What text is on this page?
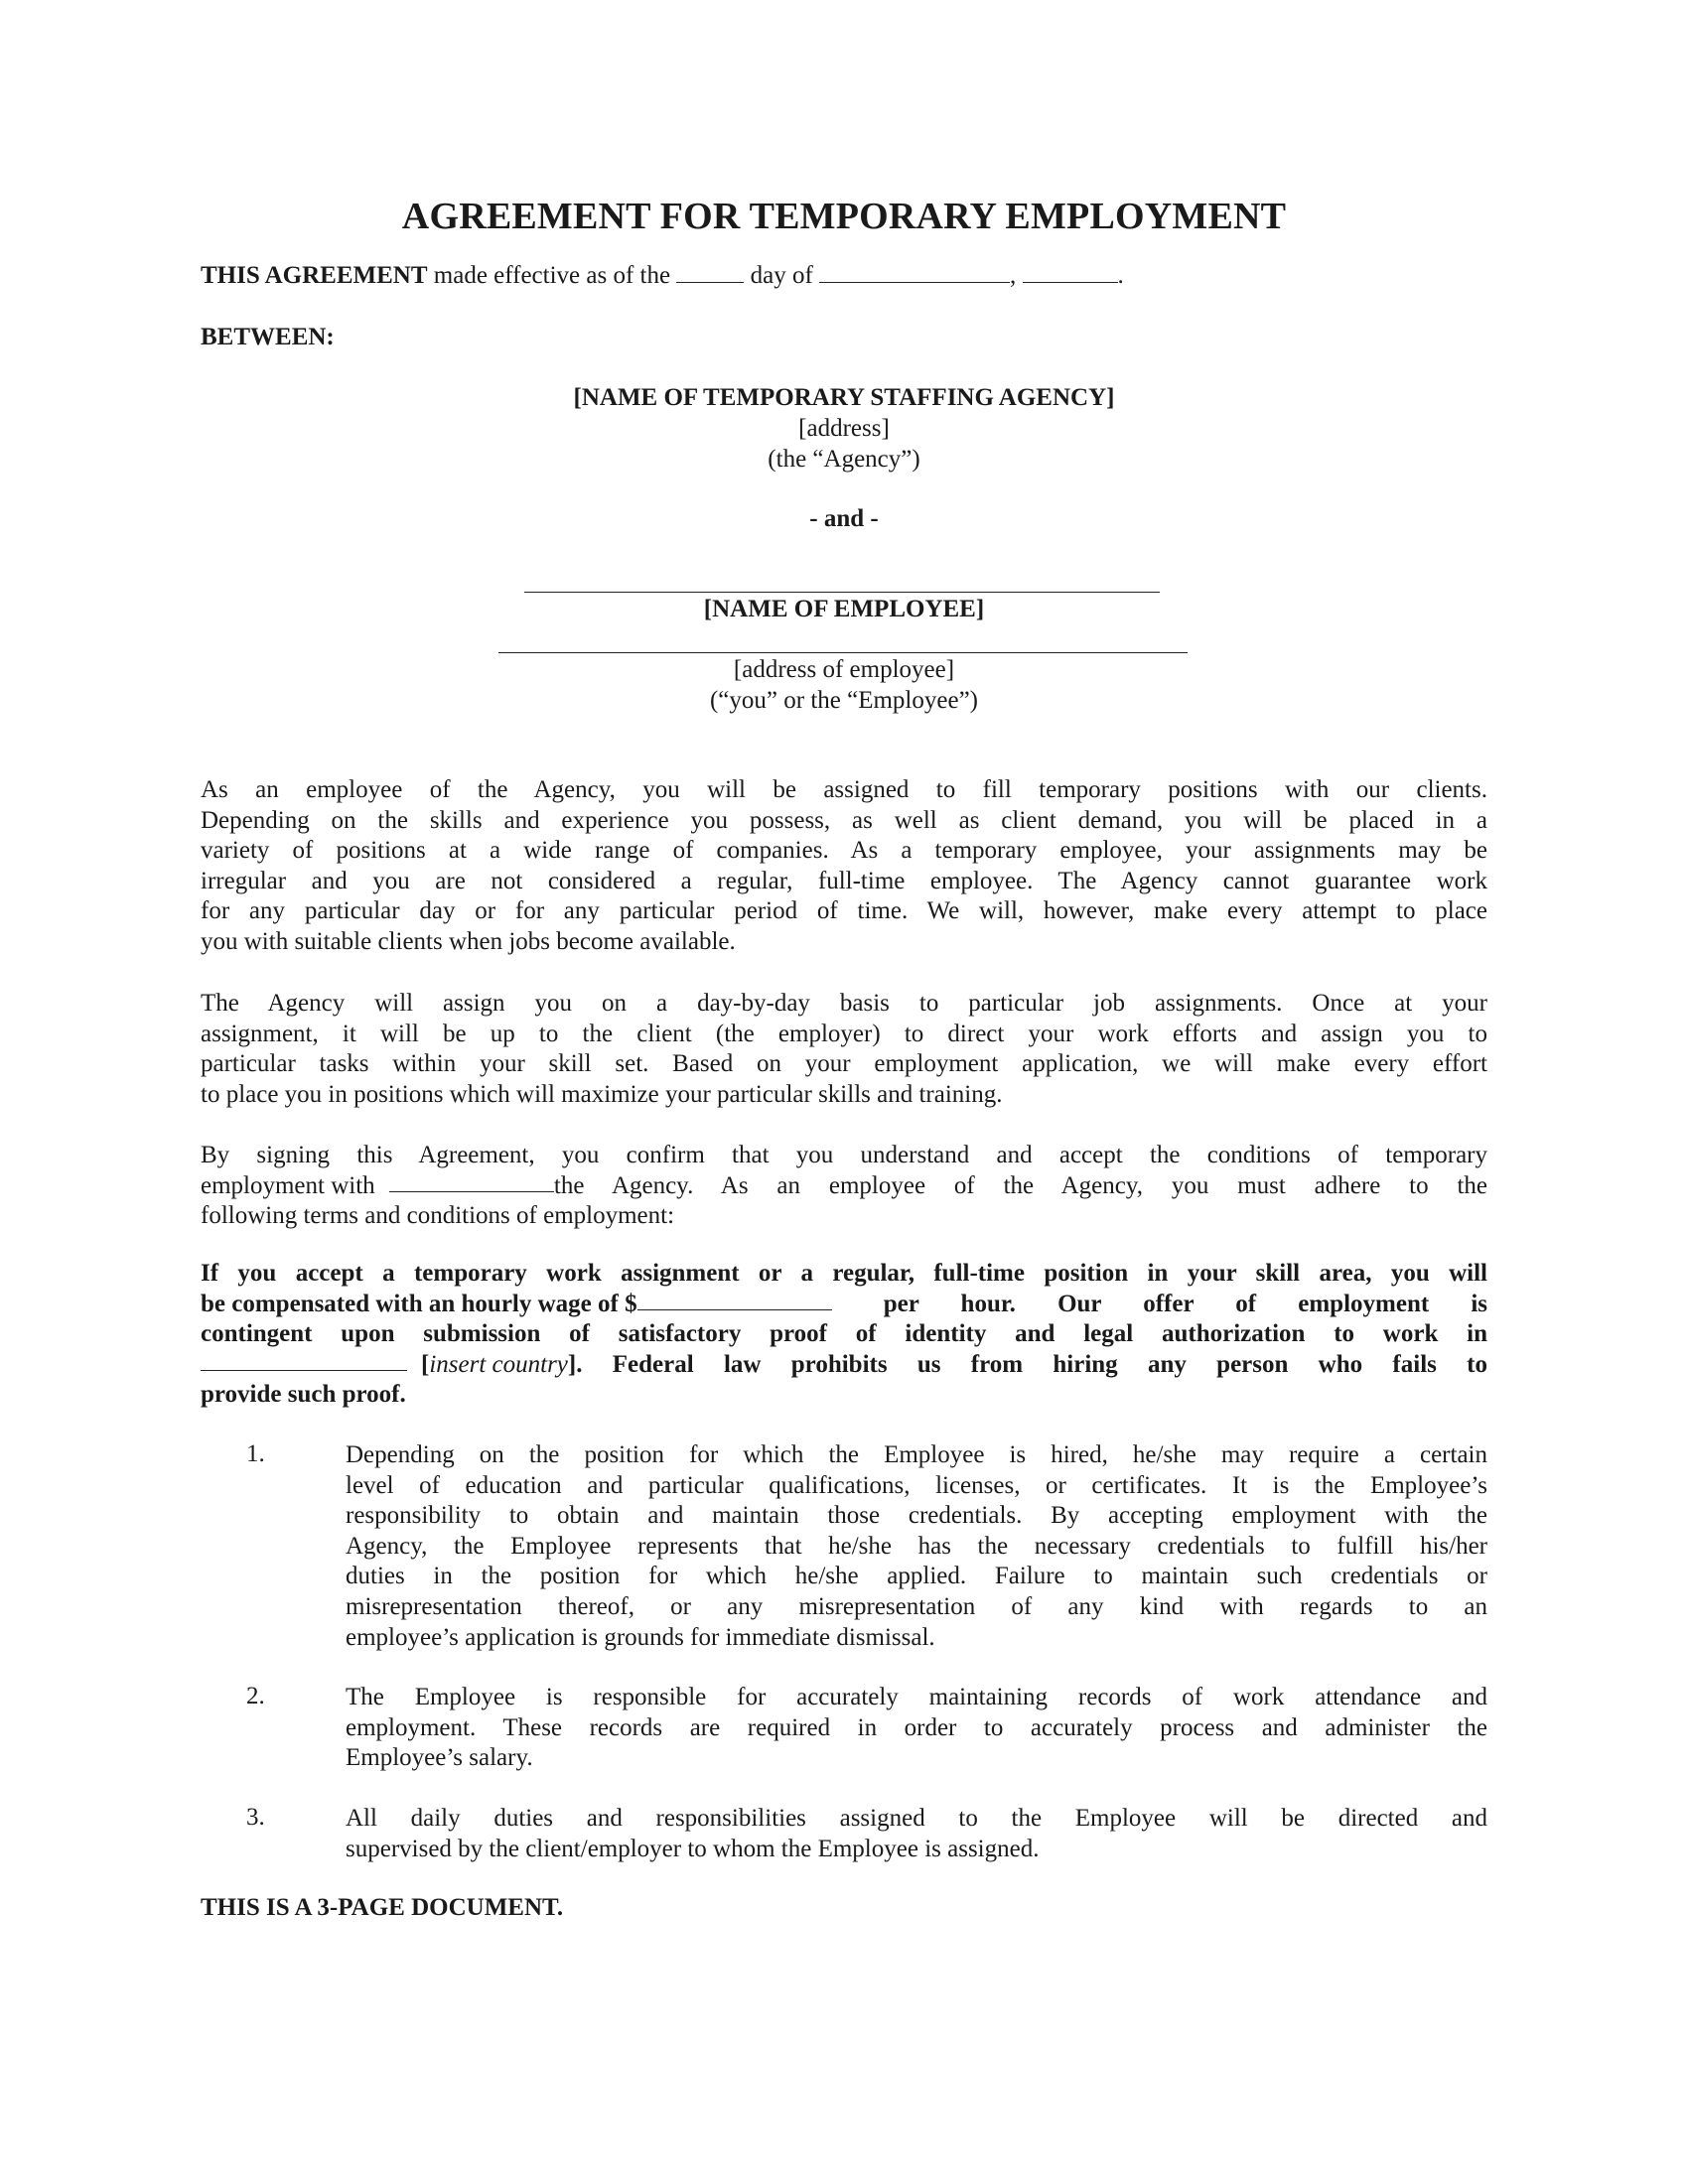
AGREEMENT FOR TEMPORARY EMPLOYMENT
THIS AGREEMENT made effective as of the	day of	,	.
BETWEEN:
[NAME OF TEMPORARY STAFFING AGENCY]
[address]
(the “Agency”)
- and -
[NAME OF EMPLOYEE]
[address of employee]
(“you” or the “Employee”)
As an employee of the Agency, you will be assigned to fill temporary positions with our clients.
Depending on the skills and experience you possess, as well as client demand, you will be placed in a
variety of positions at a wide range of companies. As a temporary employee, your assignments may be
irregular and you are not considered a regular, full-time employee. The Agency cannot guarantee work
for any particular day or for any particular period of time. We will, however, make every attempt to place
you with suitable clients when jobs become available.
The Agency will assign you on a day-by-day basis to particular job assignments. Once at your
assignment, it will be up to the client (the employer) to direct your work efforts and assign you to
particular tasks within your skill set. Based on your employment application, we will make every effort
to place you in positions which will maximize your particular skills and training.
By signing this Agreement, you confirm that you understand and accept the conditions of temporary
employment with	the Agency. As an employee of the Agency, you must adhere to the
following terms and conditions of employment:
If you accept a temporary work assignment or a regular, full-time position in your skill area, you will
be compensated with an hourly wage of $	per hour. Our offer of employment is
contingent upon submission of satisfactory proof of identity and legal authorization to work in
[insert country] . Federal law prohibits us from hiring any person who fails to
provide such proof.
1.	Depending on the position for which the Employee is hired, he/she may require a certain
level of education and particular qualifications, licenses, or certificates. It is the Employee’s
responsibility to obtain and maintain those credentials. By accepting employment with the
Agency, the Employee represents that he/she has the necessary credentials to fulfill his/her
duties in the position for which he/she applied. Failure to maintain such credentials or
misrepresentation thereof, or any misrepresentation of any kind with regards to an
employee’s application is grounds for immediate dismissal.
2.	The Employee is responsible for accurately maintaining records of work attendance and
employment. These records are required in order to accurately process and administer the
Employee’s salary.
3.	All daily duties and responsibilities assigned to the Employee will be directed and
supervised by the client/employer to whom the Employee is assigned.
THIS IS A 3-PAGE DOCUMENT.
